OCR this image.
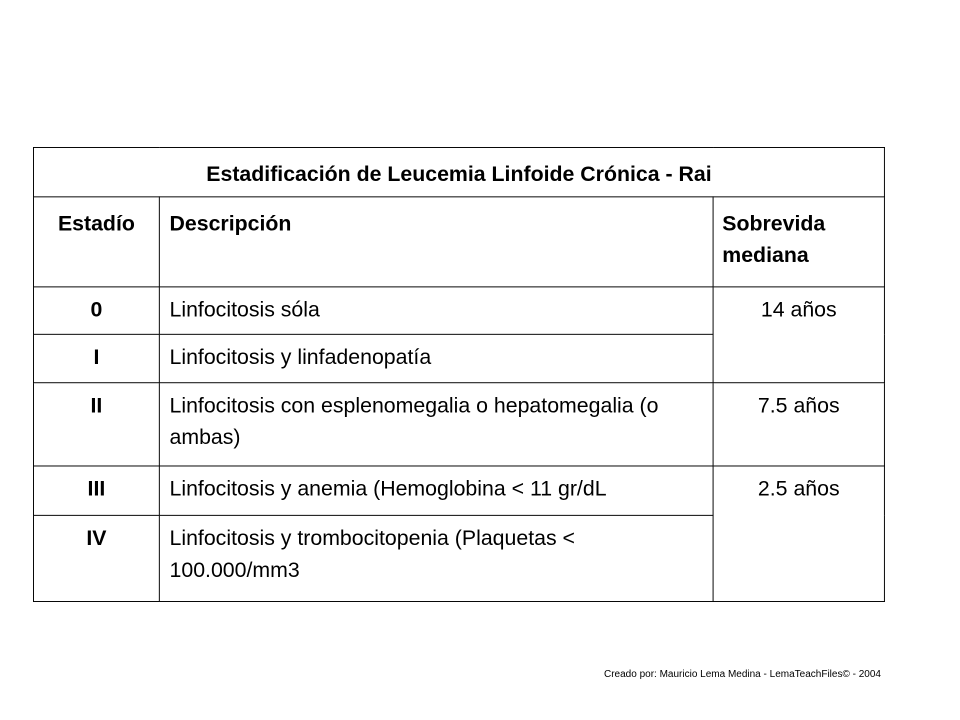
Estadificación de Leucemia Linfoide Crónica - Rai		
Estadío	Descripción	Sobrevida mediana
0	Linfocitosis sóla	14 años
I	Linfocitosis y linfadenopatía	
II	Linfocitosis con esplenomegalia o hepatomegalia (o ambas)	7.5 años
III	Linfocitosis y anemia (Hemoglobina < 11 gr/dL	2.5 años
IV	Linfocitosis y trombocitopenia (Plaquetas < 100.000/mm3	
Creado por: Mauricio Lema Medina - LemaTeachFiles© - 2004
